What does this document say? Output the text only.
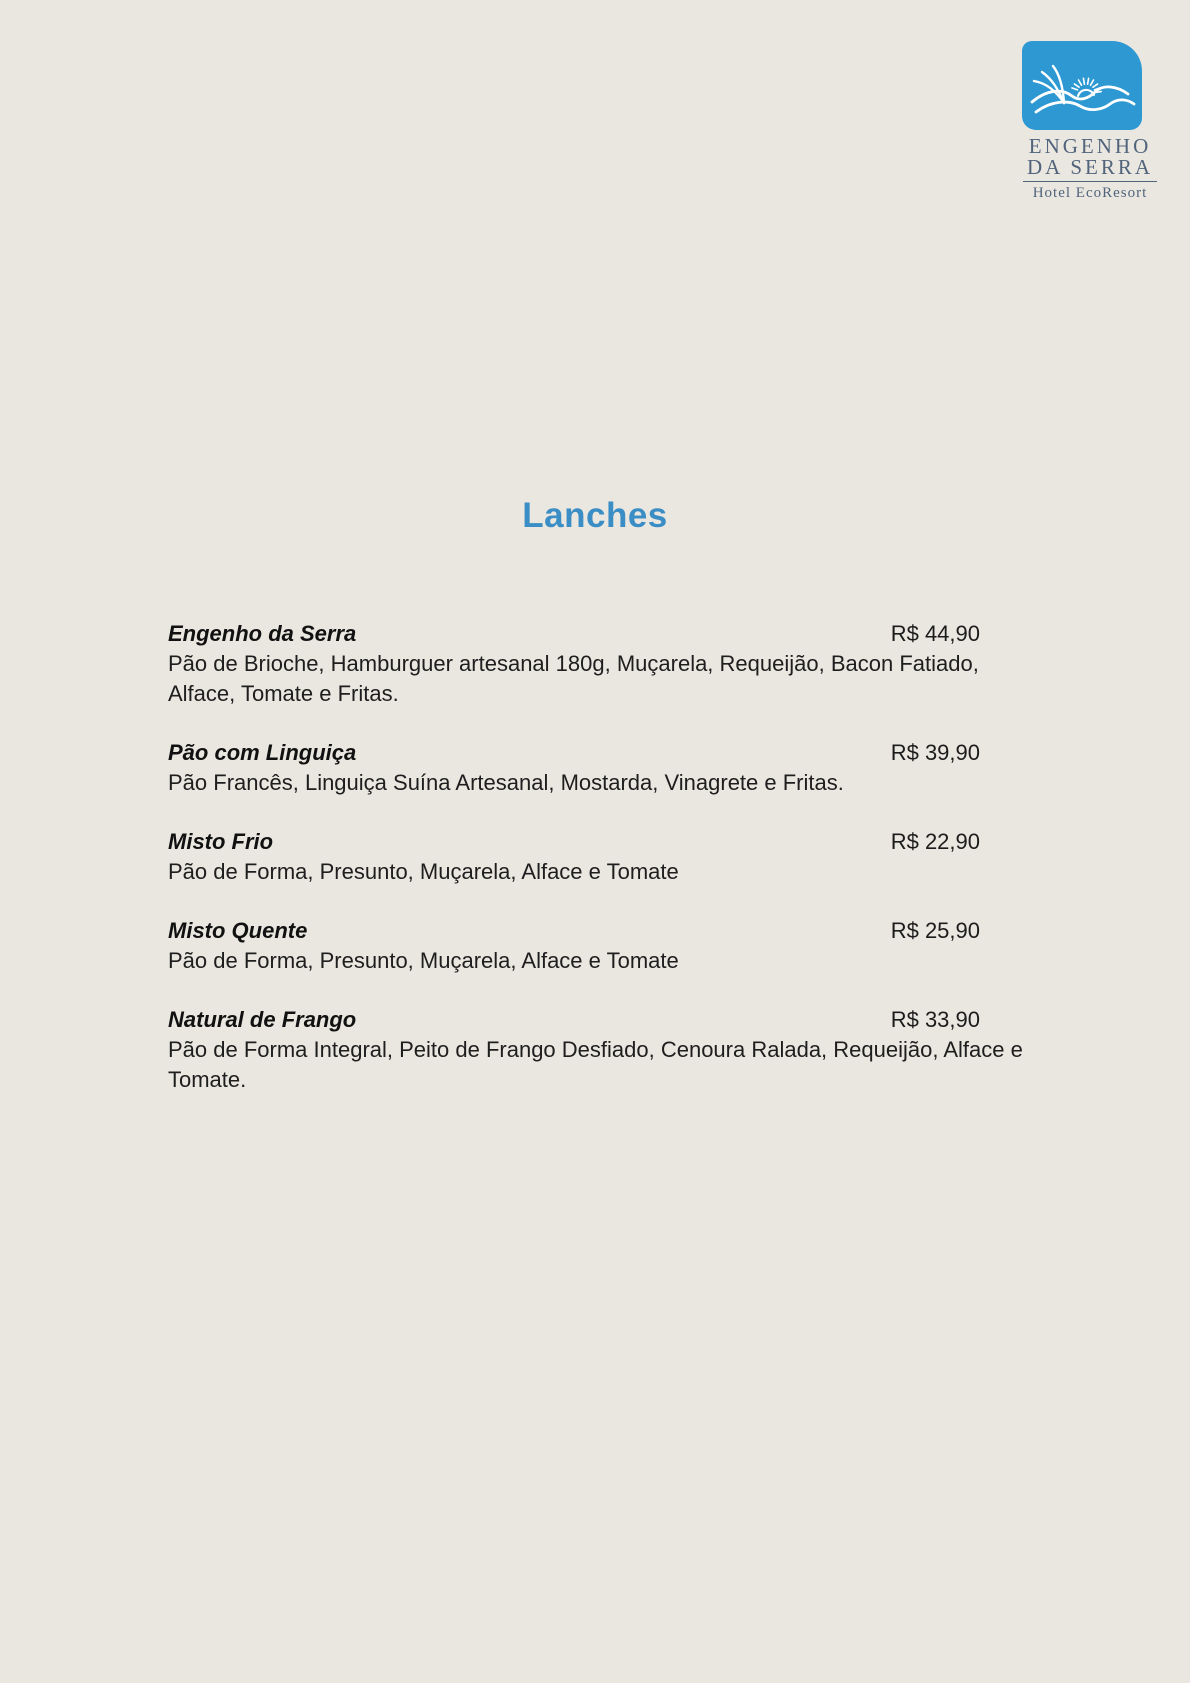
ENGENHO
DA SERRA
Hotel EcoResort
Lanches
Engenho da Serra	R$ 44,90
Pão de Brioche, Hamburguer artesanal 180g, Muçarela, Requeijão, Bacon Fatiado, Alface, Tomate e Fritas.
Pão com Linguiça	R$ 39,90
Pão Francês, Linguiça Suína Artesanal, Mostarda, Vinagrete e Fritas.
Misto Frio	R$ 22,90
Pão de Forma, Presunto, Muçarela, Alface e Tomate
Misto Quente	R$ 25,90
Pão de Forma, Presunto, Muçarela, Alface e Tomate
Natural de Frango	R$ 33,90
Pão de Forma Integral, Peito de Frango Desfiado, Cenoura Ralada, Requeijão, Alface e Tomate.
